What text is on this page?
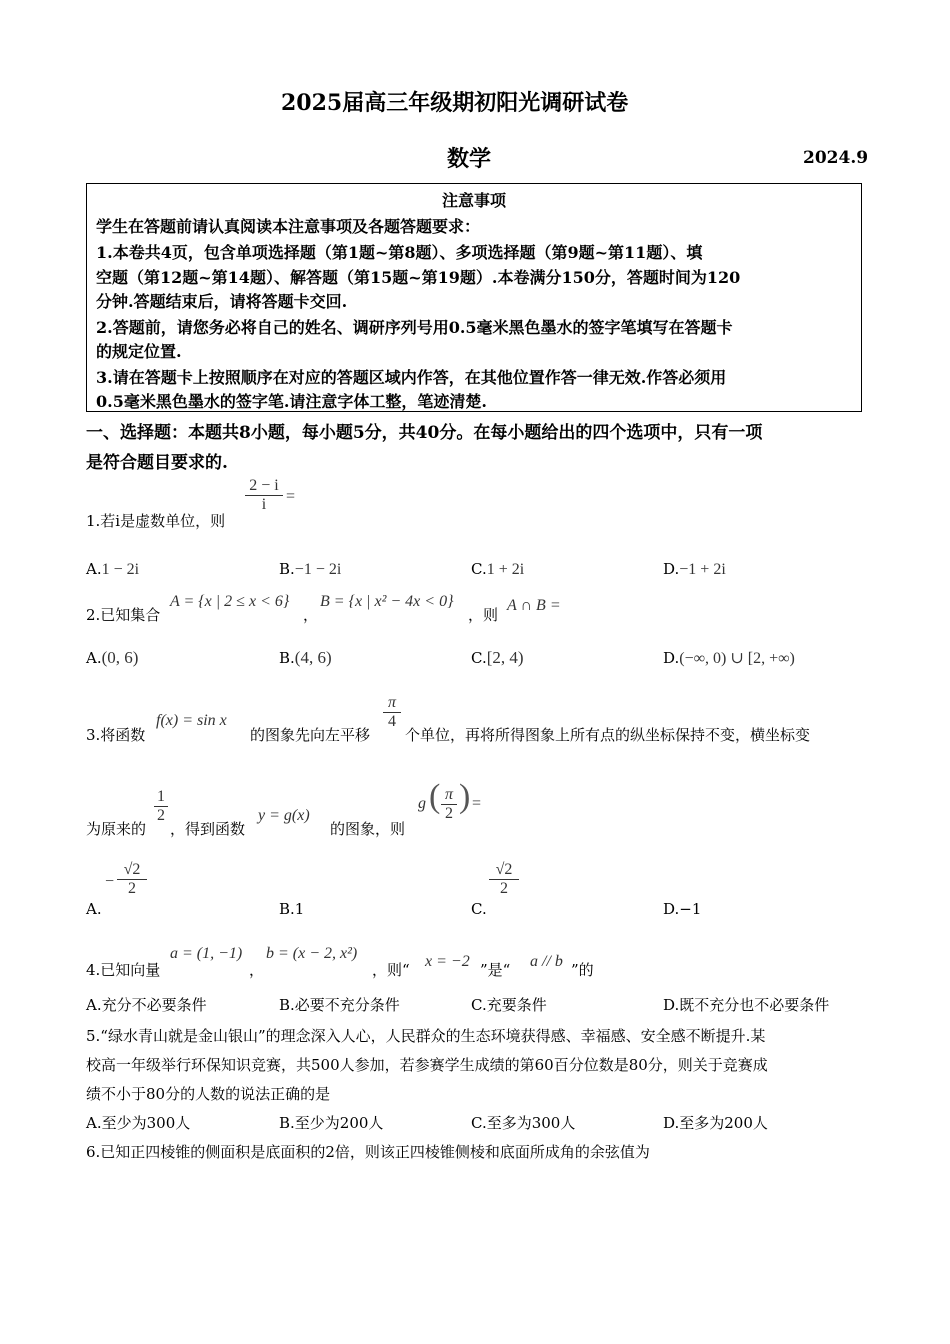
2025届高三年级期初阳光调研试卷
数学	2024.9
注意事项
学生在答题前请认真阅读本注意事项及各题答题要求：
1.本卷共4页，包含单项选择题（第1题~第8题）、多项选择题（第9题~第11题）、填
空题（第12题~第14题）、解答题（第15题~第19题）.本卷满分150分，答题时间为120
分钟.答题结束后，请将答题卡交回.
2.答题前，请您务必将自己的姓名、调研序列号用0.5毫米黑色墨水的签字笔填写在答题卡
的规定位置.
3.请在答题卡上按照顺序在对应的答题区域内作答，在其他位置作答一律无效.作答必须用
0.5毫米黑色墨水的签字笔.请注意字体工整，笔迹清楚.
一、选择题：本题共8小题，每小题5分，共40分。在每小题给出的四个选项中，只有一项
是符合题目要求的.
1.若i是虚数单位，则
$\frac{2 - i}{i}$ =
A.1 − 2i	B.−1 − 2i	C.1 + 2i	D.−1 + 2i
2.已知集合
A = {x | 2 ≤ x < 6}
，
B = {x | x² − 4x < 0}
，则
A ∩ B =
A.(0, 6)	B.(4, 6)	C.[2, 4)	D.(−∞, 0) ∪ [2, +∞)
3.将函数
f(x) = sin x
的图象先向左平移
$\frac{\pi}{4}$
个单位，再将所得图象上所有点的纵坐标保持不变，横坐标变
为原来的
$\frac{1}{2}$
，得到函数
y = g(x)
的图象，则
g ( $\frac{\pi}{2}$ ) =
A.
− $\frac{√2}{2}$
B.1	C.
$\frac{√2}{2}$
D.−1
4.已知向量
a = (1, −1)
，
b = (x − 2, x²)
，则“ x = −2 ”是“ a // b ”的
A.充分不必要条件	B.必要不充分条件	C.充要条件	D.既不充分也不必要条件
5.“绿水青山就是金山银山”的理念深入人心，人民群众的生态环境获得感、幸福感、安全感不断提升.某
校高一年级举行环保知识竞赛，共500人参加，若参赛学生成绩的第60百分位数是80分，则关于竞赛成
绩不小于80分的人数的说法正确的是
A.至少为300人	B.至少为200人	C.至多为300人	D.至多为200人
6.已知正四棱锥的侧面积是底面积的2倍，则该正四棱锥侧棱和底面所成角的余弦值为
